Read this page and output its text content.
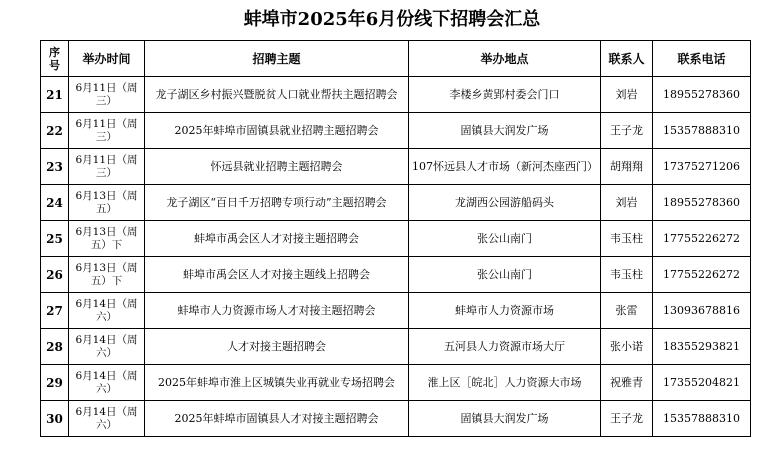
蚌埠市2025年6月份线下招聘会汇总
序号	举办时间	招聘主题	举办地点	联系人	联系电话
21	6月11日（周三）	龙子湖区乡村振兴暨脱贫人口就业帮扶主题招聘会	李楼乡黄郢村委会门口	刘岩	18955278360
22	6月11日（周三）	2025年蚌埠市固镇县就业招聘主题招聘会	固镇县大润发广场	王子龙	15357888310
23	6月11日（周三）	怀远县就业招聘主题招聘会	107怀远县人才市场（新河杰座西门）	胡翔翔	17375271206
24	6月13日（周五）	龙子湖区“百日千万招聘专项行动”主题招聘会	龙湖西公园游船码头	刘岩	18955278360
25	6月13日（周五）下	蚌埠市禹会区人才对接主题招聘会	张公山南门	韦玉柱	17755226272
26	6月13日（周五）下	蚌埠市禹会区人才对接主题线上招聘会	张公山南门	韦玉柱	17755226272
27	6月14日（周六）	蚌埠市人力资源市场人才对接主题招聘会	蚌埠市人力资源市场	张雷	13093678816
28	6月14日（周六）	人才对接主题招聘会	五河县人力资源市场大厅	张小诺	18355293821
29	6月14日（周六）	2025年蚌埠市淮上区城镇失业再就业专场招聘会	淮上区［皖北］人力资源大市场	祝雅青	17355204821
30	6月14日（周六）	2025年蚌埠市固镇县人才对接主题招聘会	固镇县大润发广场	王子龙	15357888310
